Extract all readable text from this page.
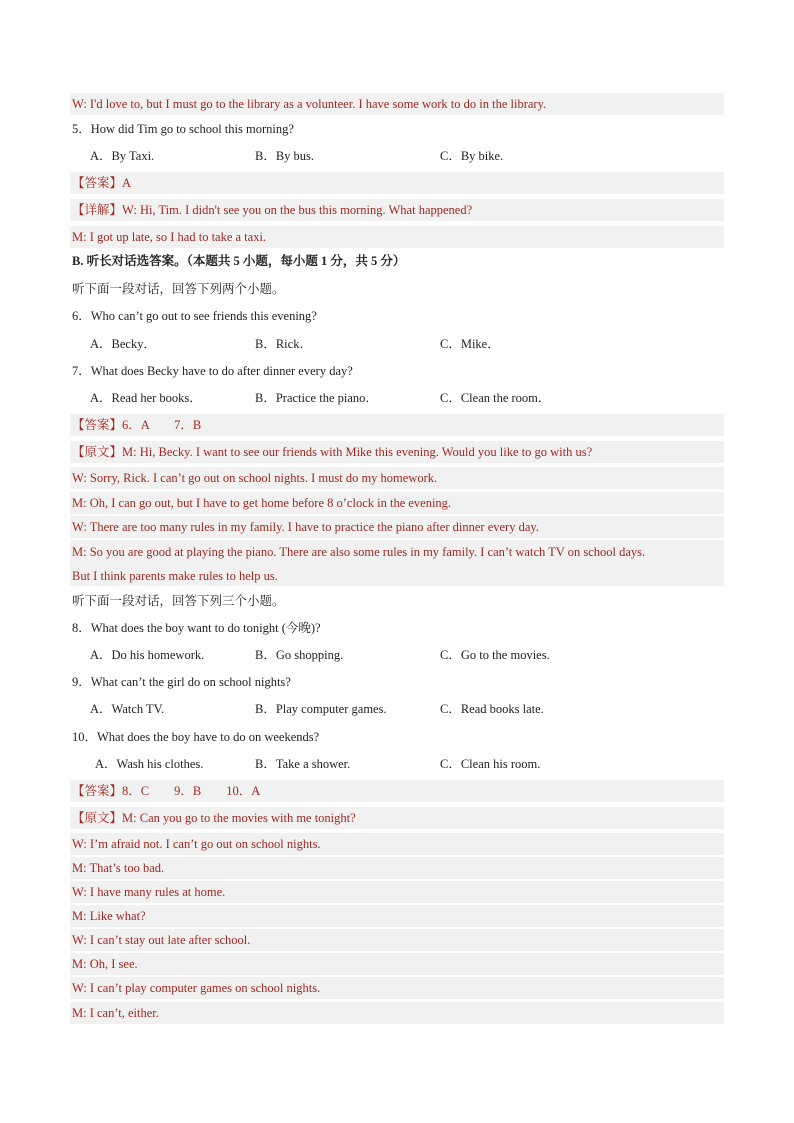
W: I'd love to, but I must go to the library as a volunteer. I have some work to do in the library.
5．How did Tim go to school this morning?
A．By Taxi.	B．By bus.	C．By bike.
【答案】A
【详解】W: Hi, Tim. I didn't see you on the bus this morning. What happened?
M: I got up late, so I had to take a taxi.
B. 听长对话选答案。（本题共 5 小题，每小题 1 分，共 5 分）
听下面一段对话，回答下列两个小题。
6．Who can’t go out to see friends this evening?
A．Becky．	B．Rick．	C．Mike．
7．What does Becky have to do after dinner every day?
A．Read her books．	B．Practice the piano．	C．Clean the room．
【答案】6．A　　7．B
【原文】M: Hi, Becky. I want to see our friends with Mike this evening. Would you like to go with us?
W: Sorry, Rick. I can’t go out on school nights. I must do my homework.
M: Oh, I can go out, but I have to get home before 8 o’clock in the evening.
W: There are too many rules in my family. I have to practice the piano after dinner every day.
M: So you are good at playing the piano. There are also some rules in my family. I can’t watch TV on school days.
But I think parents make rules to help us.
听下面一段对话，回答下列三个小题。
8．What does the boy want to do tonight (今晚)?
A．Do his homework.	B．Go shopping.	C．Go to the movies.
9．What can’t the girl do on school nights?
A．Watch TV.	B．Play computer games.	C．Read books late.
10．What does the boy have to do on weekends?
A．Wash his clothes.	B．Take a shower.	C．Clean his room.
【答案】8．C　　9．B　　10．A
【原文】M: Can you go to the movies with me tonight?
W: I’m afraid not. I can’t go out on school nights.
M: That’s too bad.
W: I have many rules at home.
M: Like what?
W: I can’t stay out late after school.
M: Oh, I see.
W: I can’t play computer games on school nights.
M: I can’t, either.
